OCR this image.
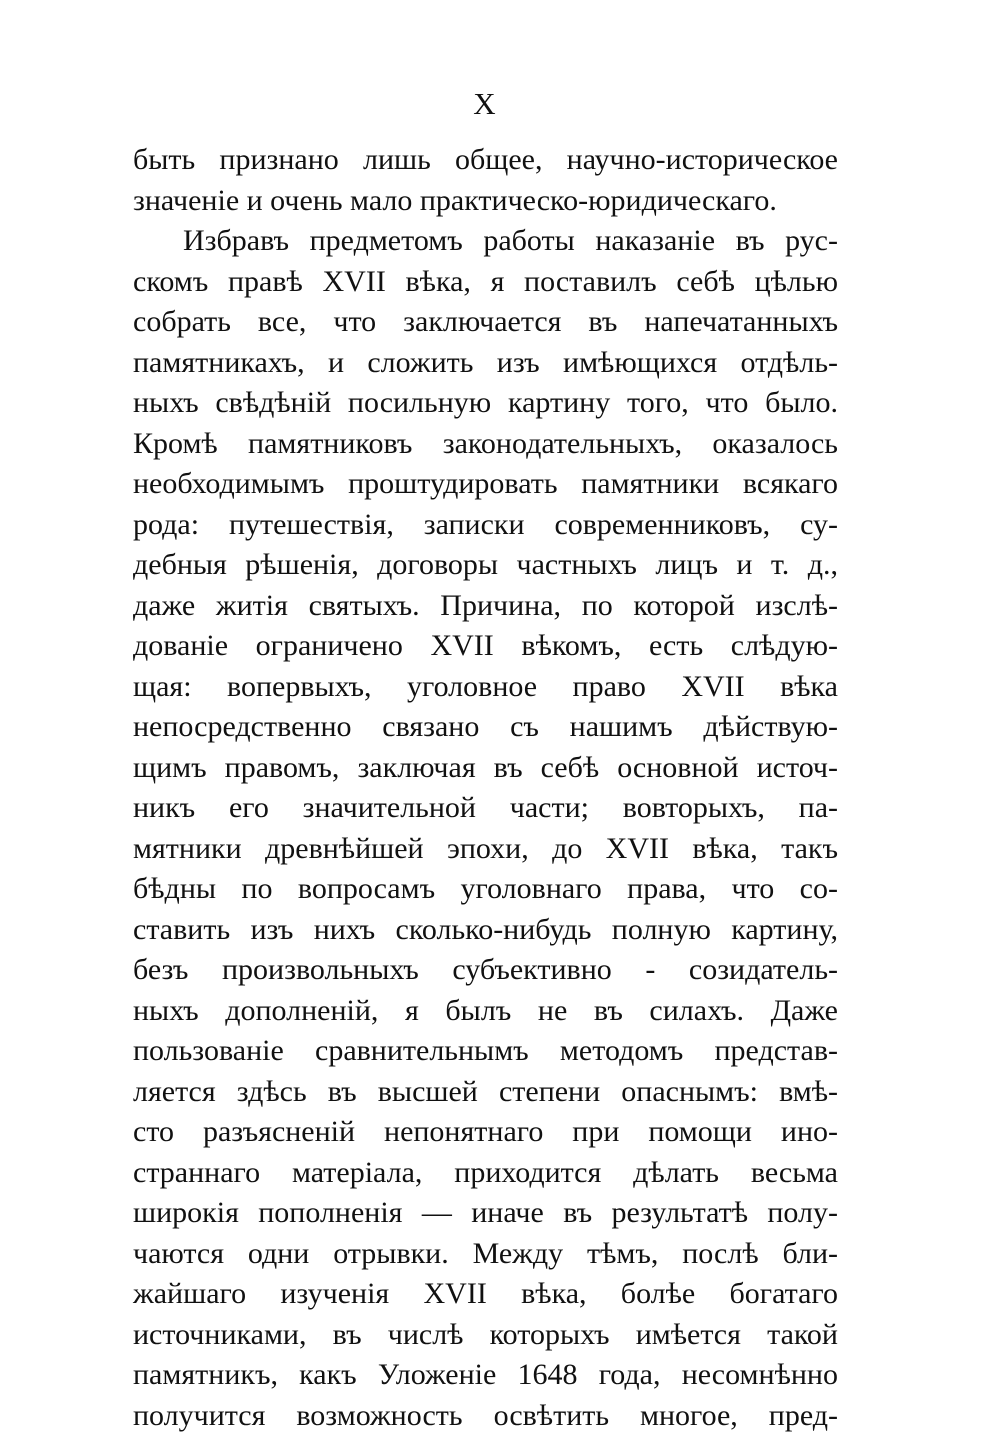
X
быть признано лишь общее, научно-историческое
значеніе и очень мало практическо-юридическаго.
Избравъ предметомъ работы наказаніе въ рус-
скомъ правѣ XVII вѣка, я поставилъ себѣ цѣлью
собрать все, что заключается въ напечатанныхъ
памятникахъ, и сложить изъ имѣющихся отдѣль-
ныхъ свѣдѣній посильную картину того, что было.
Кромѣ памятниковъ законодательныхъ, оказалось
необходимымъ проштудировать памятники всякаго
рода: путешествія, записки современниковъ, су-
дебныя рѣшенія, договоры частныхъ лицъ и т. д.,
даже житія святыхъ. Причина, по которой изслѣ-
дованіе ограничено XVII вѣкомъ, есть слѣдую-
щая: вопервыхъ, уголовное право XVII вѣка
непосредственно связано съ нашимъ дѣйствую-
щимъ правомъ, заключая въ себѣ основной источ-
никъ его значительной части; вовторыхъ, па-
мятники древнѣйшей эпохи, до XVII вѣка, такъ
бѣдны по вопросамъ уголовнаго права, что со-
ставить изъ нихъ сколько-нибудь полную картину,
безъ произвольныхъ субъективно - созидатель-
ныхъ дополненій, я былъ не въ силахъ. Даже
пользованіе сравнительнымъ методомъ представ-
ляется здѣсь въ высшей степени опаснымъ: вмѣ-
сто разъясненій непонятнаго при помощи ино-
страннаго матеріала, приходится дѣлать весьма
широкія пополненія — иначе въ результатѣ полу-
чаются одни отрывки. Между тѣмъ, послѣ бли-
жайшаго изученія XVII вѣка, болѣе богатаго
источниками, въ числѣ которыхъ имѣется такой
памятникъ, какъ Уложеніе 1648 года, несомнѣнно
получится возможность освѣтить многое, пред-
